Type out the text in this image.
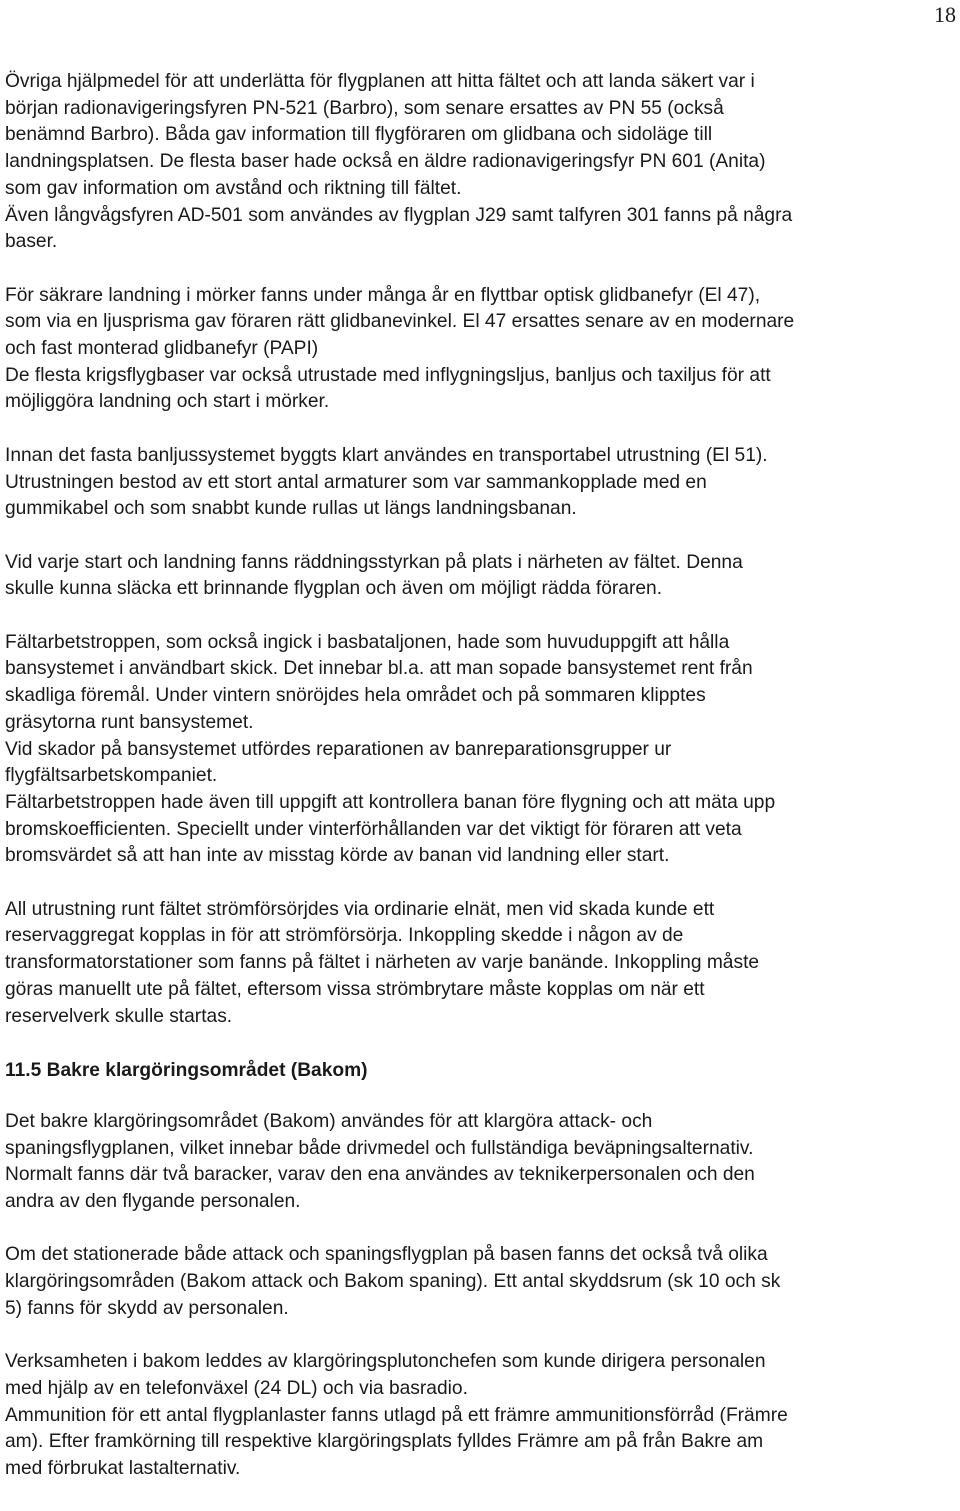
18
Övriga hjälpmedel för att underlätta för flygplanen att hitta fältet och att landa säkert var i
början radionavigeringsfyren PN-521 (Barbro), som senare ersattes av PN 55 (också
benämnd Barbro). Båda gav information till flygföraren om glidbana och sidoläge till
landningsplatsen. De flesta baser hade också en äldre radionavigeringsfyr PN 601 (Anita)
som gav information om avstånd och riktning till fältet.
Även långvågsfyren AD-501 som användes av flygplan J29 samt talfyren 301 fanns på några
baser.
För säkrare landning i mörker fanns under många år en flyttbar optisk glidbanefyr (El 47),
som via en ljusprisma gav föraren rätt glidbanevinkel. El 47 ersattes senare av en modernare
och fast monterad glidbanefyr (PAPI)
De flesta krigsflygbaser var också utrustade med inflygningsljus, banljus och taxiljus för att
möjliggöra landning och start i mörker.
Innan det fasta banljussystemet byggts klart användes en transportabel utrustning (El 51).
Utrustningen bestod av ett stort antal armaturer som var sammankopplade med en
gummikabel och som snabbt kunde rullas ut längs landningsbanan.
Vid varje start och landning fanns räddningsstyrkan på plats i närheten av fältet. Denna
skulle kunna släcka ett brinnande flygplan och även om möjligt rädda föraren.
Fältarbetstroppen, som också ingick i basbataljonen, hade som huvuduppgift att hålla
bansystemet i användbart skick. Det innebar bl.a. att man sopade bansystemet rent från
skadliga föremål. Under vintern snöröjdes hela området och på sommaren klipptes
gräsytorna runt bansystemet.
Vid skador på bansystemet utfördes reparationen av banreparationsgrupper ur
flygfältsarbetskompaniet.
Fältarbetstroppen hade även till uppgift att kontrollera banan före flygning och att mäta upp
bromskoefficienten. Speciellt under vinterförhållanden var det viktigt för föraren att veta
bromsvärdet så att han inte av misstag körde av banan vid landning eller start.
All utrustning runt fältet strömförsörjdes via ordinarie elnät, men vid skada kunde ett
reservaggregat kopplas in för att strömförsörja. Inkoppling skedde i någon av de
transformatorstationer som fanns på fältet i närheten av varje banände. Inkoppling måste
göras manuellt ute på fältet, eftersom vissa strömbrytare måste kopplas om när ett
reservelverk skulle startas.
11.5 Bakre klargöringsområdet (Bakom)
Det bakre klargöringsområdet (Bakom) användes för att klargöra attack- och
spaningsflygplanen, vilket innebar både drivmedel och fullständiga beväpningsalternativ.
Normalt fanns där två baracker, varav den ena användes av teknikerpersonalen och den
andra av den flygande personalen.
Om det stationerade både attack och spaningsflygplan på basen fanns det också två olika
klargöringsområden (Bakom attack och Bakom spaning). Ett antal skyddsrum (sk 10 och sk
5) fanns för skydd av personalen.
Verksamheten i bakom leddes av klargöringsplutonchefen som kunde dirigera personalen
med hjälp av en telefonväxel (24 DL) och via basradio.
Ammunition för ett antal flygplanlaster fanns utlagd på ett främre ammunitionsförråd (Främre
am). Efter framkörning till respektive klargöringsplats fylldes Främre am på från Bakre am
med förbrukat lastalternativ.
